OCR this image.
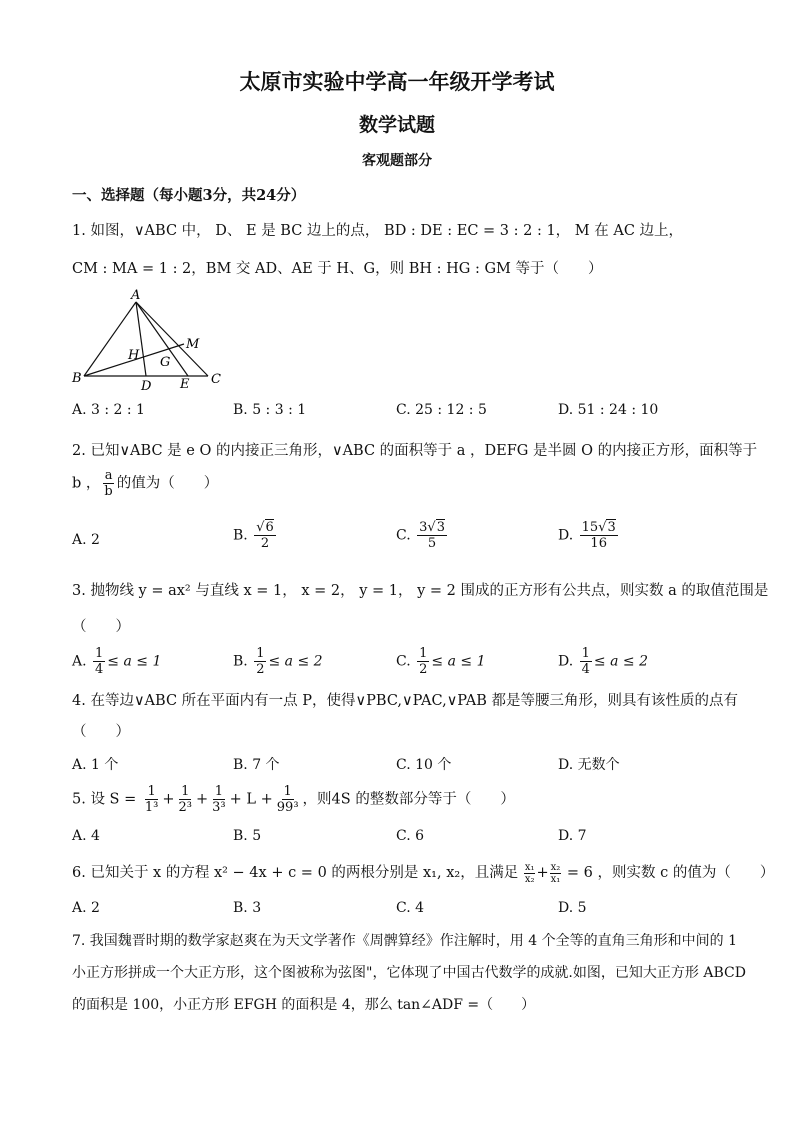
太原市实验中学高一年级开学考试
数学试题
客观题部分
一、选择题（每小题3分，共24分）
1. 如图，∨ABC 中， D、 E 是 BC 边上的点， BD : DE : EC = 3 : 2 : 1， M 在 AC 边上，
CM : MA = 1 : 2，BM 交 AD、AE 于 H、G，则 BH : HG : GM 等于（　　）
A
B	C
D E
H G
M
A. 3 : 2 : 1	B. 5 : 3 : 1	C. 25 : 12 : 5	D. 51 : 24 : 10
2. 已知∨ABC 是 e O 的内接正三角形，∨ABC 的面积等于 a ，DEFG 是半圆 O 的内接正方形，面积等于
b ， $\frac{a}{b}$ 的值为（　　）
A. 2	B. $\frac{√6}{2}$	C. $\frac{3√3}{5}$	D. $\frac{15√3}{16}$
3. 抛物线 y = ax² 与直线 x = 1， x = 2， y = 1， y = 2 围成的正方形有公共点，则实数 a 的取值范围是
（　　）
A. $\frac{1}{4} \le a \le 1$	B. $\frac{1}{2} \le a \le 2$	C. $\frac{1}{2} \le a \le 1$	D. $\frac{1}{4} \le a \le 2$
4. 在等边∨ABC 所在平面内有一点 P，使得∨PBC,∨PAC,∨PAB 都是等腰三角形，则具有该性质的点有
（　　）
A. 1 个	B. 7 个	C. 10 个	D. 无数个
5. 设 $S = \frac{1}{\text{1³}} + \frac{1}{\text{2³}} + \frac{1}{\text{3³}} + L + \frac{1}{\text{99³}}$ ，则4S 的整数部分等于（　　）
A. 4	B. 5	C. 6	D. 7
6. 已知关于 x 的方程 x² − 4x + c = 0 的两根分别是 x₁, x₂，且满足 $\frac{\text{x₁}}{\text{x₂}} + \frac{\text{x₂}}{\text{x₁}} = 6$ ，则实数 c 的值为（　　）
A. 2	B. 3	C. 4	D. 5
7. 我国魏晋时期的数学家赵爽在为天文学著作《周髀算经》作注解时，用 4 个全等的直角三角形和中间的 1
小正方形拼成一个大正方形，这个图被称为弦图"，它体现了中国古代数学的成就.如图，已知大正方形 ABCD
的面积是 100，小正方形 EFGH 的面积是 4，那么 tan∠ADF =（　　）
